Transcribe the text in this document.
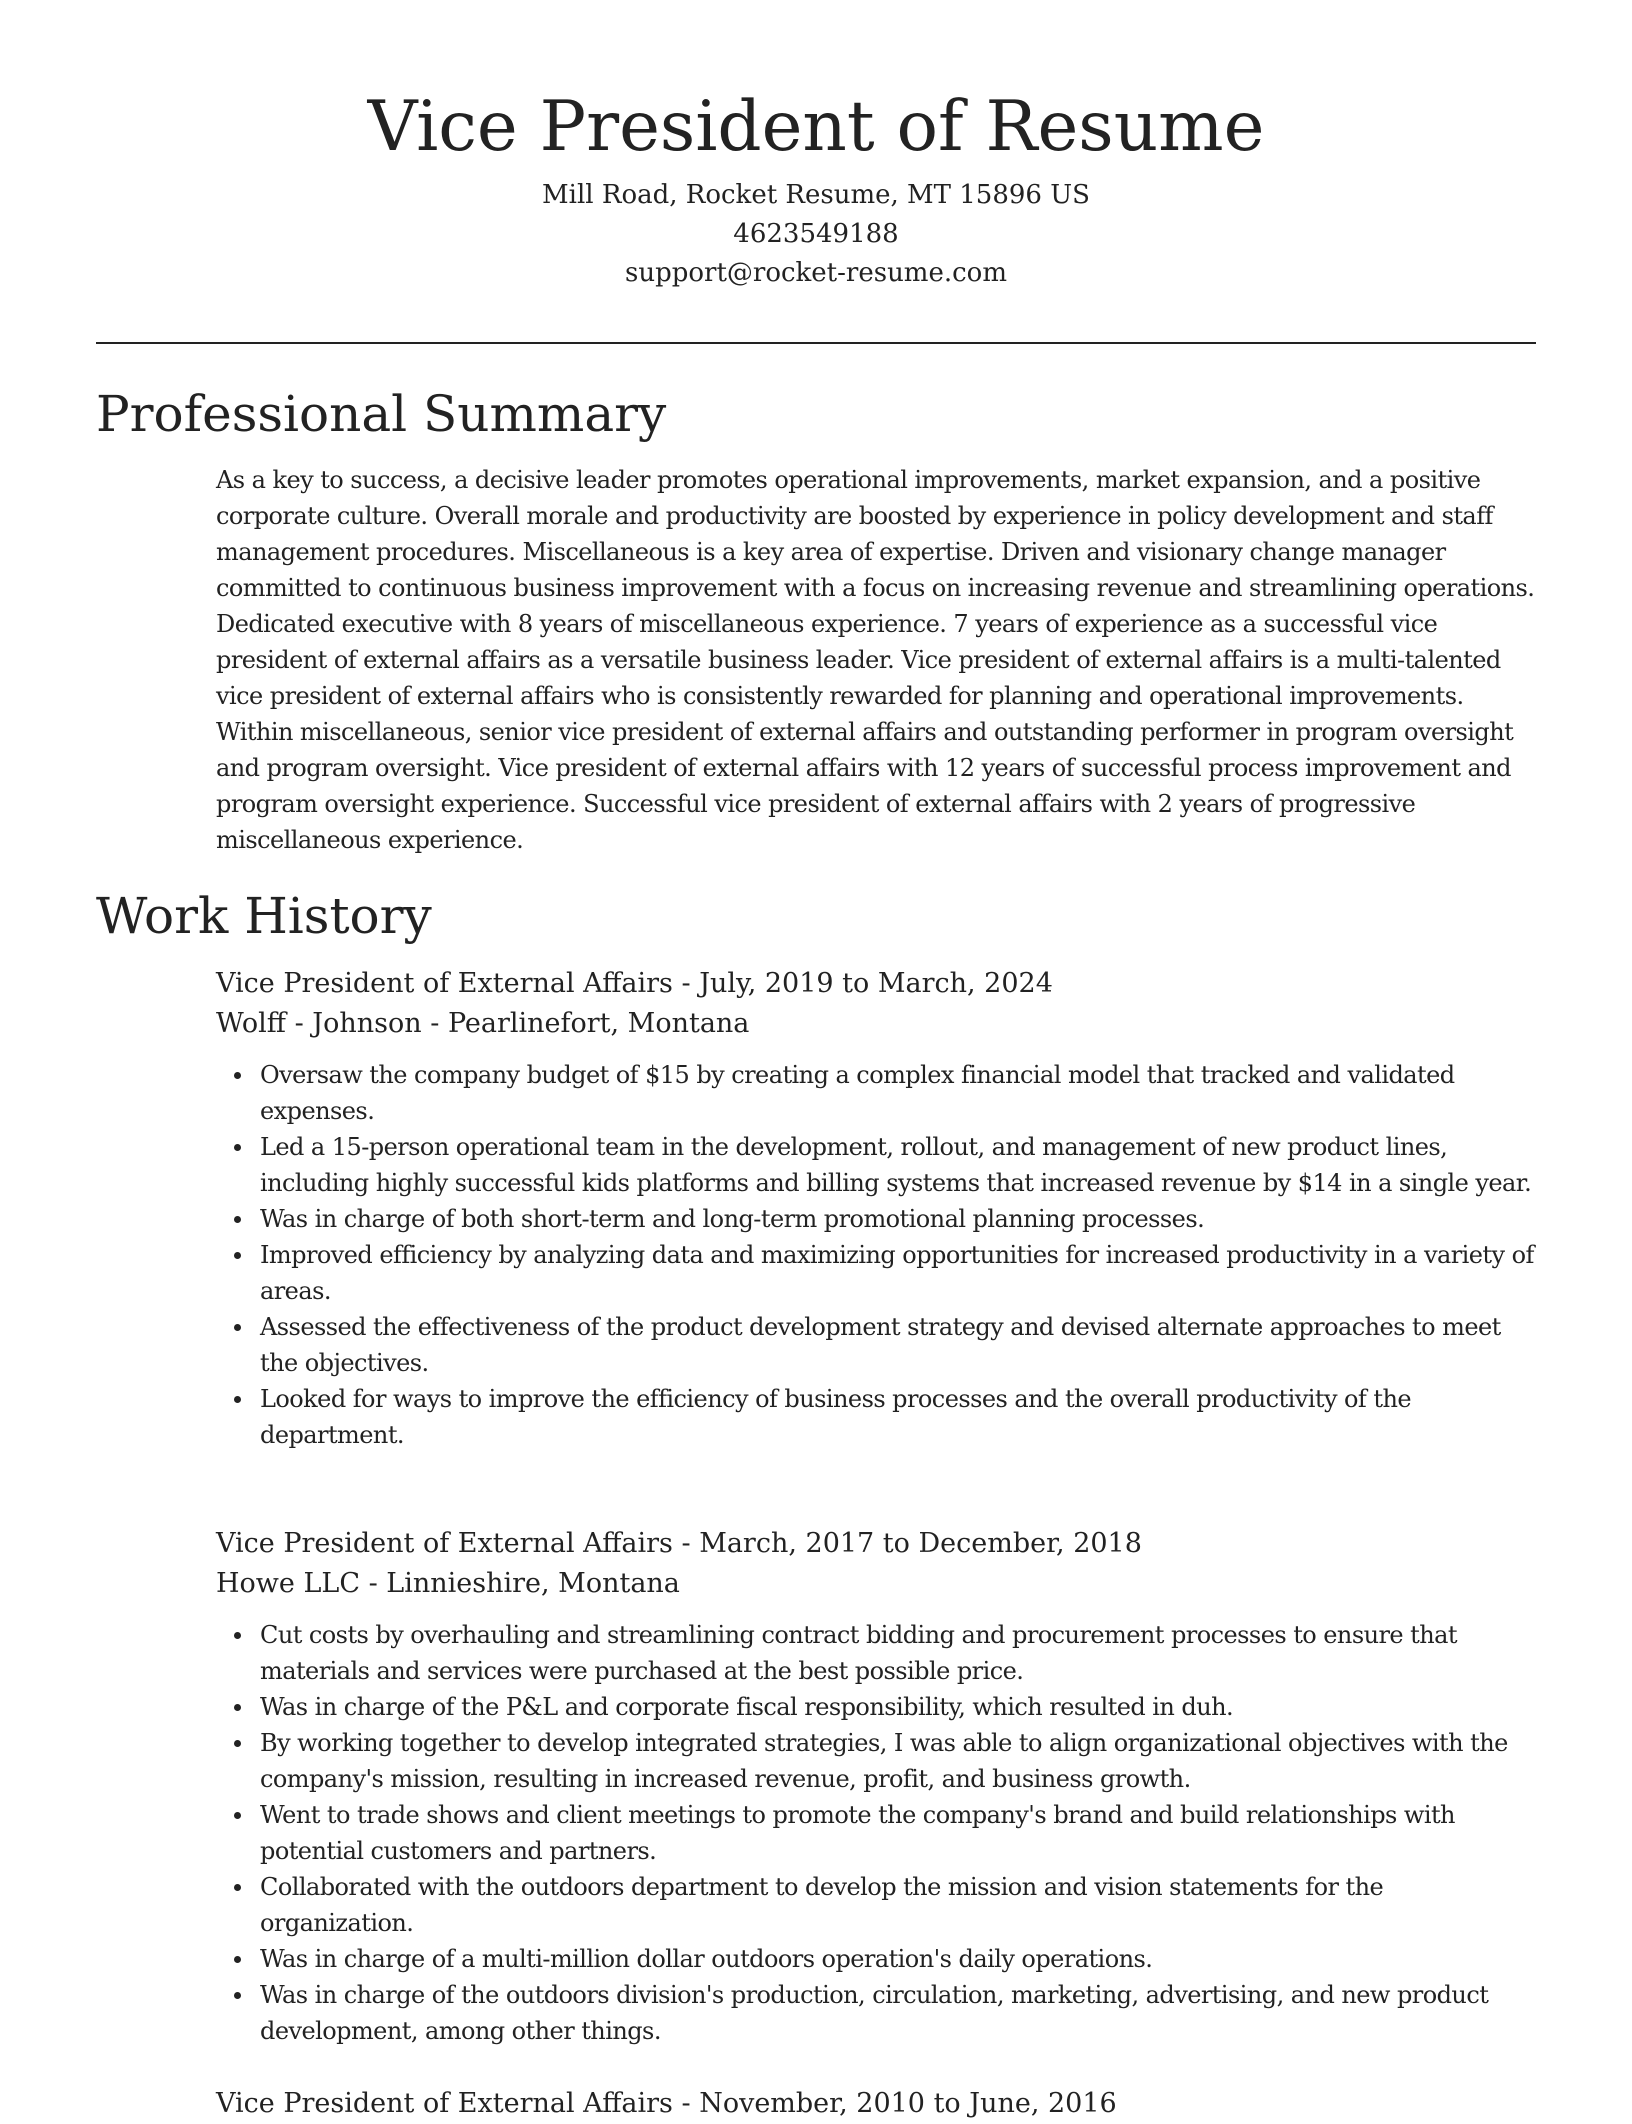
Vice President of Resume
Mill Road, Rocket Resume, MT 15896 US
4623549188
support@rocket-resume.com
Professional Summary

As a key to success, a decisive leader promotes operational improvements, market expansion, and a positive corporate culture. Overall morale and productivity are boosted by experience in policy development and staff management procedures. Miscellaneous is a key area of expertise. Driven and visionary change manager committed to continuous business improvement with a focus on increasing revenue and streamlining operations. Dedicated executive with 8 years of miscellaneous experience. 7 years of experience as a successful vice president of external affairs as a versatile business leader. Vice president of external affairs is a multi-talented vice president of external affairs who is consistently rewarded for planning and operational improvements. Within miscellaneous, senior vice president of external affairs and outstanding performer in program oversight and program oversight. Vice president of external affairs with 12 years of successful process improvement and program oversight experience. Successful vice president of external affairs with 2 years of progressive miscellaneous experience.

Work History
Vice President of External Affairs - July, 2019 to March, 2024
Wolff - Johnson - Pearlinefort, Montana
Oversaw the company budget of $15 by creating a complex financial model that tracked and validated expenses.
Led a 15-person operational team in the development, rollout, and management of new product lines, including highly successful kids platforms and billing systems that increased revenue by $14 in a single year.
Was in charge of both short-term and long-term promotional planning processes.
Improved efficiency by analyzing data and maximizing opportunities for increased productivity in a variety of areas.
Assessed the effectiveness of the product development strategy and devised alternate approaches to meet the objectives.
Looked for ways to improve the efficiency of business processes and the overall productivity of the department.
Vice President of External Affairs - March, 2017 to December, 2018
Howe LLC - Linnieshire, Montana
Cut costs by overhauling and streamlining contract bidding and procurement processes to ensure that materials and services were purchased at the best possible price.
Was in charge of the P&L and corporate fiscal responsibility, which resulted in duh.
By working together to develop integrated strategies, I was able to align organizational objectives with the company's mission, resulting in increased revenue, profit, and business growth.
Went to trade shows and client meetings to promote the company's brand and build relationships with potential customers and partners.
Collaborated with the outdoors department to develop the mission and vision statements for the organization.
Was in charge of a multi-million dollar outdoors operation's daily operations.
Was in charge of the outdoors division's production, circulation, marketing, advertising, and new product development, among other things.
Vice President of External Affairs - November, 2010 to June, 2016
